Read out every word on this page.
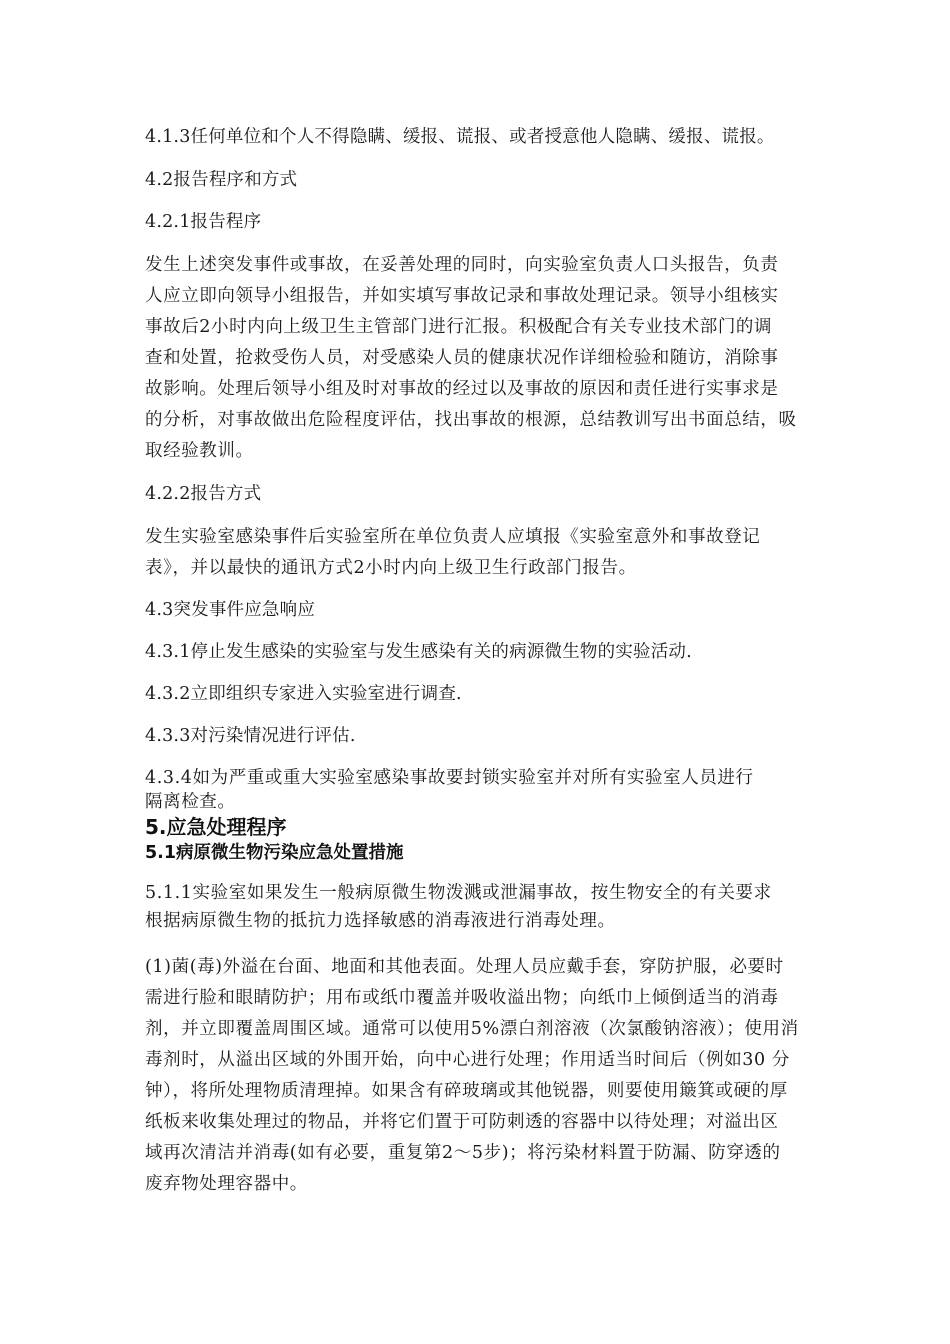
4.1.3任何单位和个人不得隐瞒、缓报、谎报、或者授意他人隐瞒、缓报、谎报。
4.2报告程序和方式
4.2.1报告程序
发生上述突发事件或事故，在妥善处理的同时，向实验室负责人口头报告，负责
人应立即向领导小组报告，并如实填写事故记录和事故处理记录。领导小组核实
事故后2小时内向上级卫生主管部门进行汇报。积极配合有关专业技术部门的调
查和处置，抢救受伤人员，对受感染人员的健康状况作详细检验和随访，消除事
故影响。处理后领导小组及时对事故的经过以及事故的原因和责任进行实事求是
的分析，对事故做出危险程度评估，找出事故的根源，总结教训写出书面总结，吸
取经验教训。
4.2.2报告方式
发生实验室感染事件后实验室所在单位负责人应填报《实验室意外和事故登记
表》，并以最快的通讯方式2小时内向上级卫生行政部门报告。
4.3突发事件应急响应
4.3.1停止发生感染的实验室与发生感染有关的病源微生物的实验活动.
4.3.2立即组织专家进入实验室进行调查.
4.3.3对污染情况进行评估.
4.3.4如为严重或重大实验室感染事故要封锁实验室并对所有实验室人员进行
隔离检查。
5.应急处理程序
5.1病原微生物污染应急处置措施
5.1.1实验室如果发生一般病原微生物泼溅或泄漏事故，按生物安全的有关要求
根据病原微生物的抵抗力选择敏感的消毒液进行消毒处理。
(1)菌(毒)外溢在台面、地面和其他表面。处理人员应戴手套，穿防护服，必要时
需进行脸和眼睛防护；用布或纸巾覆盖并吸收溢出物；向纸巾上倾倒适当的消毒
剂，并立即覆盖周围区域。通常可以使用5%漂白剂溶液（次氯酸钠溶液）；使用消
毒剂时，从溢出区域的外围开始，向中心进行处理；作用适当时间后（例如30 分
钟），将所处理物质清理掉。如果含有碎玻璃或其他锐器，则要使用簸箕或硬的厚
纸板来收集处理过的物品，并将它们置于可防刺透的容器中以待处理；对溢出区
域再次清洁并消毒(如有必要，重复第2～5步)；将污染材料置于防漏、防穿透的
废弃物处理容器中。
